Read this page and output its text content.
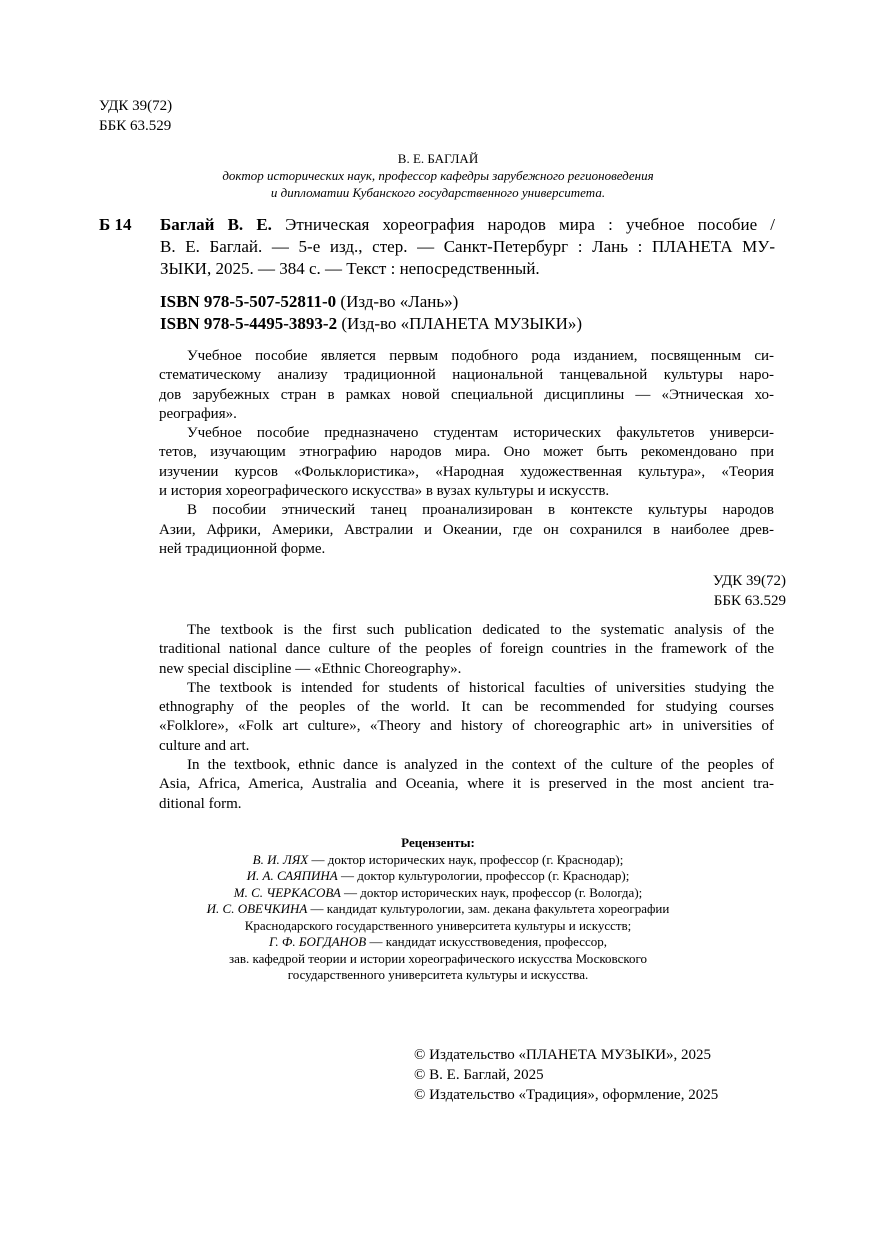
УДК 39(72)
ББК 63.529
В. Е. БАГЛАЙ
доктор исторических наук, профессор кафедры зарубежного регионоведения
и дипломатии Кубанского государственного университета.
Б 14 Баглай В. Е. Этническая хореография народов мира : учебное пособие /
В. Е. Баглай. — 5-е изд., стер. — Санкт-Петербург : Лань : ПЛАНЕТА МУ-
ЗЫКИ, 2025. — 384 с. — Текст : непосредственный.
ISBN 978-5-507-52811-0 (Изд-во «Лань»)
ISBN 978-5-4495-3893-2 (Изд-во «ПЛАНЕТА МУЗЫКИ»)
Учебное пособие является первым подобного рода изданием, посвященным си-
стематическому анализу традиционной национальной танцевальной культуры наро-
дов зарубежных стран в рамках новой специальной дисциплины — «Этническая хо-
реография».
Учебное пособие предназначено студентам исторических факультетов универси-
тетов, изучающим этнографию народов мира. Оно может быть рекомендовано при
изучении курсов «Фольклористика», «Народная художественная культура», «Теория
и история хореографического искусства» в вузах культуры и искусств.
В пособии этнический танец проанализирован в контексте культуры народов
Азии, Африки, Америки, Австралии и Океании, где он сохранился в наиболее древ-
ней традиционной форме.
УДК 39(72)
ББК 63.529
The textbook is the first such publication dedicated to the systematic analysis of the
traditional national dance culture of the peoples of foreign countries in the framework of the
new special discipline — «Ethnic Choreography».
The textbook is intended for students of historical faculties of universities studying the
ethnography of the peoples of the world. It can be recommended for studying courses
«Folklore», «Folk art culture», «Theory and history of choreographic art» in universities of
culture and art.
In the textbook, ethnic dance is analyzed in the context of the culture of the peoples of
Asia, Africa, America, Australia and Oceania, where it is preserved in the most ancient tra-
ditional form.
Рецензенты:
В. И. ЛЯХ — доктор исторических наук, профессор (г. Краснодар);
И. А. САЯПИНА — доктор культурологии, профессор (г. Краснодар);
М. С. ЧЕРКАСОВА — доктор исторических наук, профессор (г. Вологда);
И. С. ОВЕЧКИНА — кандидат культурологии, зам. декана факультета хореографии
Краснодарского государственного университета культуры и искусств;
Г. Ф. БОГДАНОВ — кандидат искусствоведения, профессор,
зав. кафедрой теории и истории хореографического искусства Московского
государственного университета культуры и искусства.
© Издательство «ПЛАНЕТА МУЗЫКИ», 2025
© В. Е. Баглай, 2025
© Издательство «Традиция», оформление, 2025
